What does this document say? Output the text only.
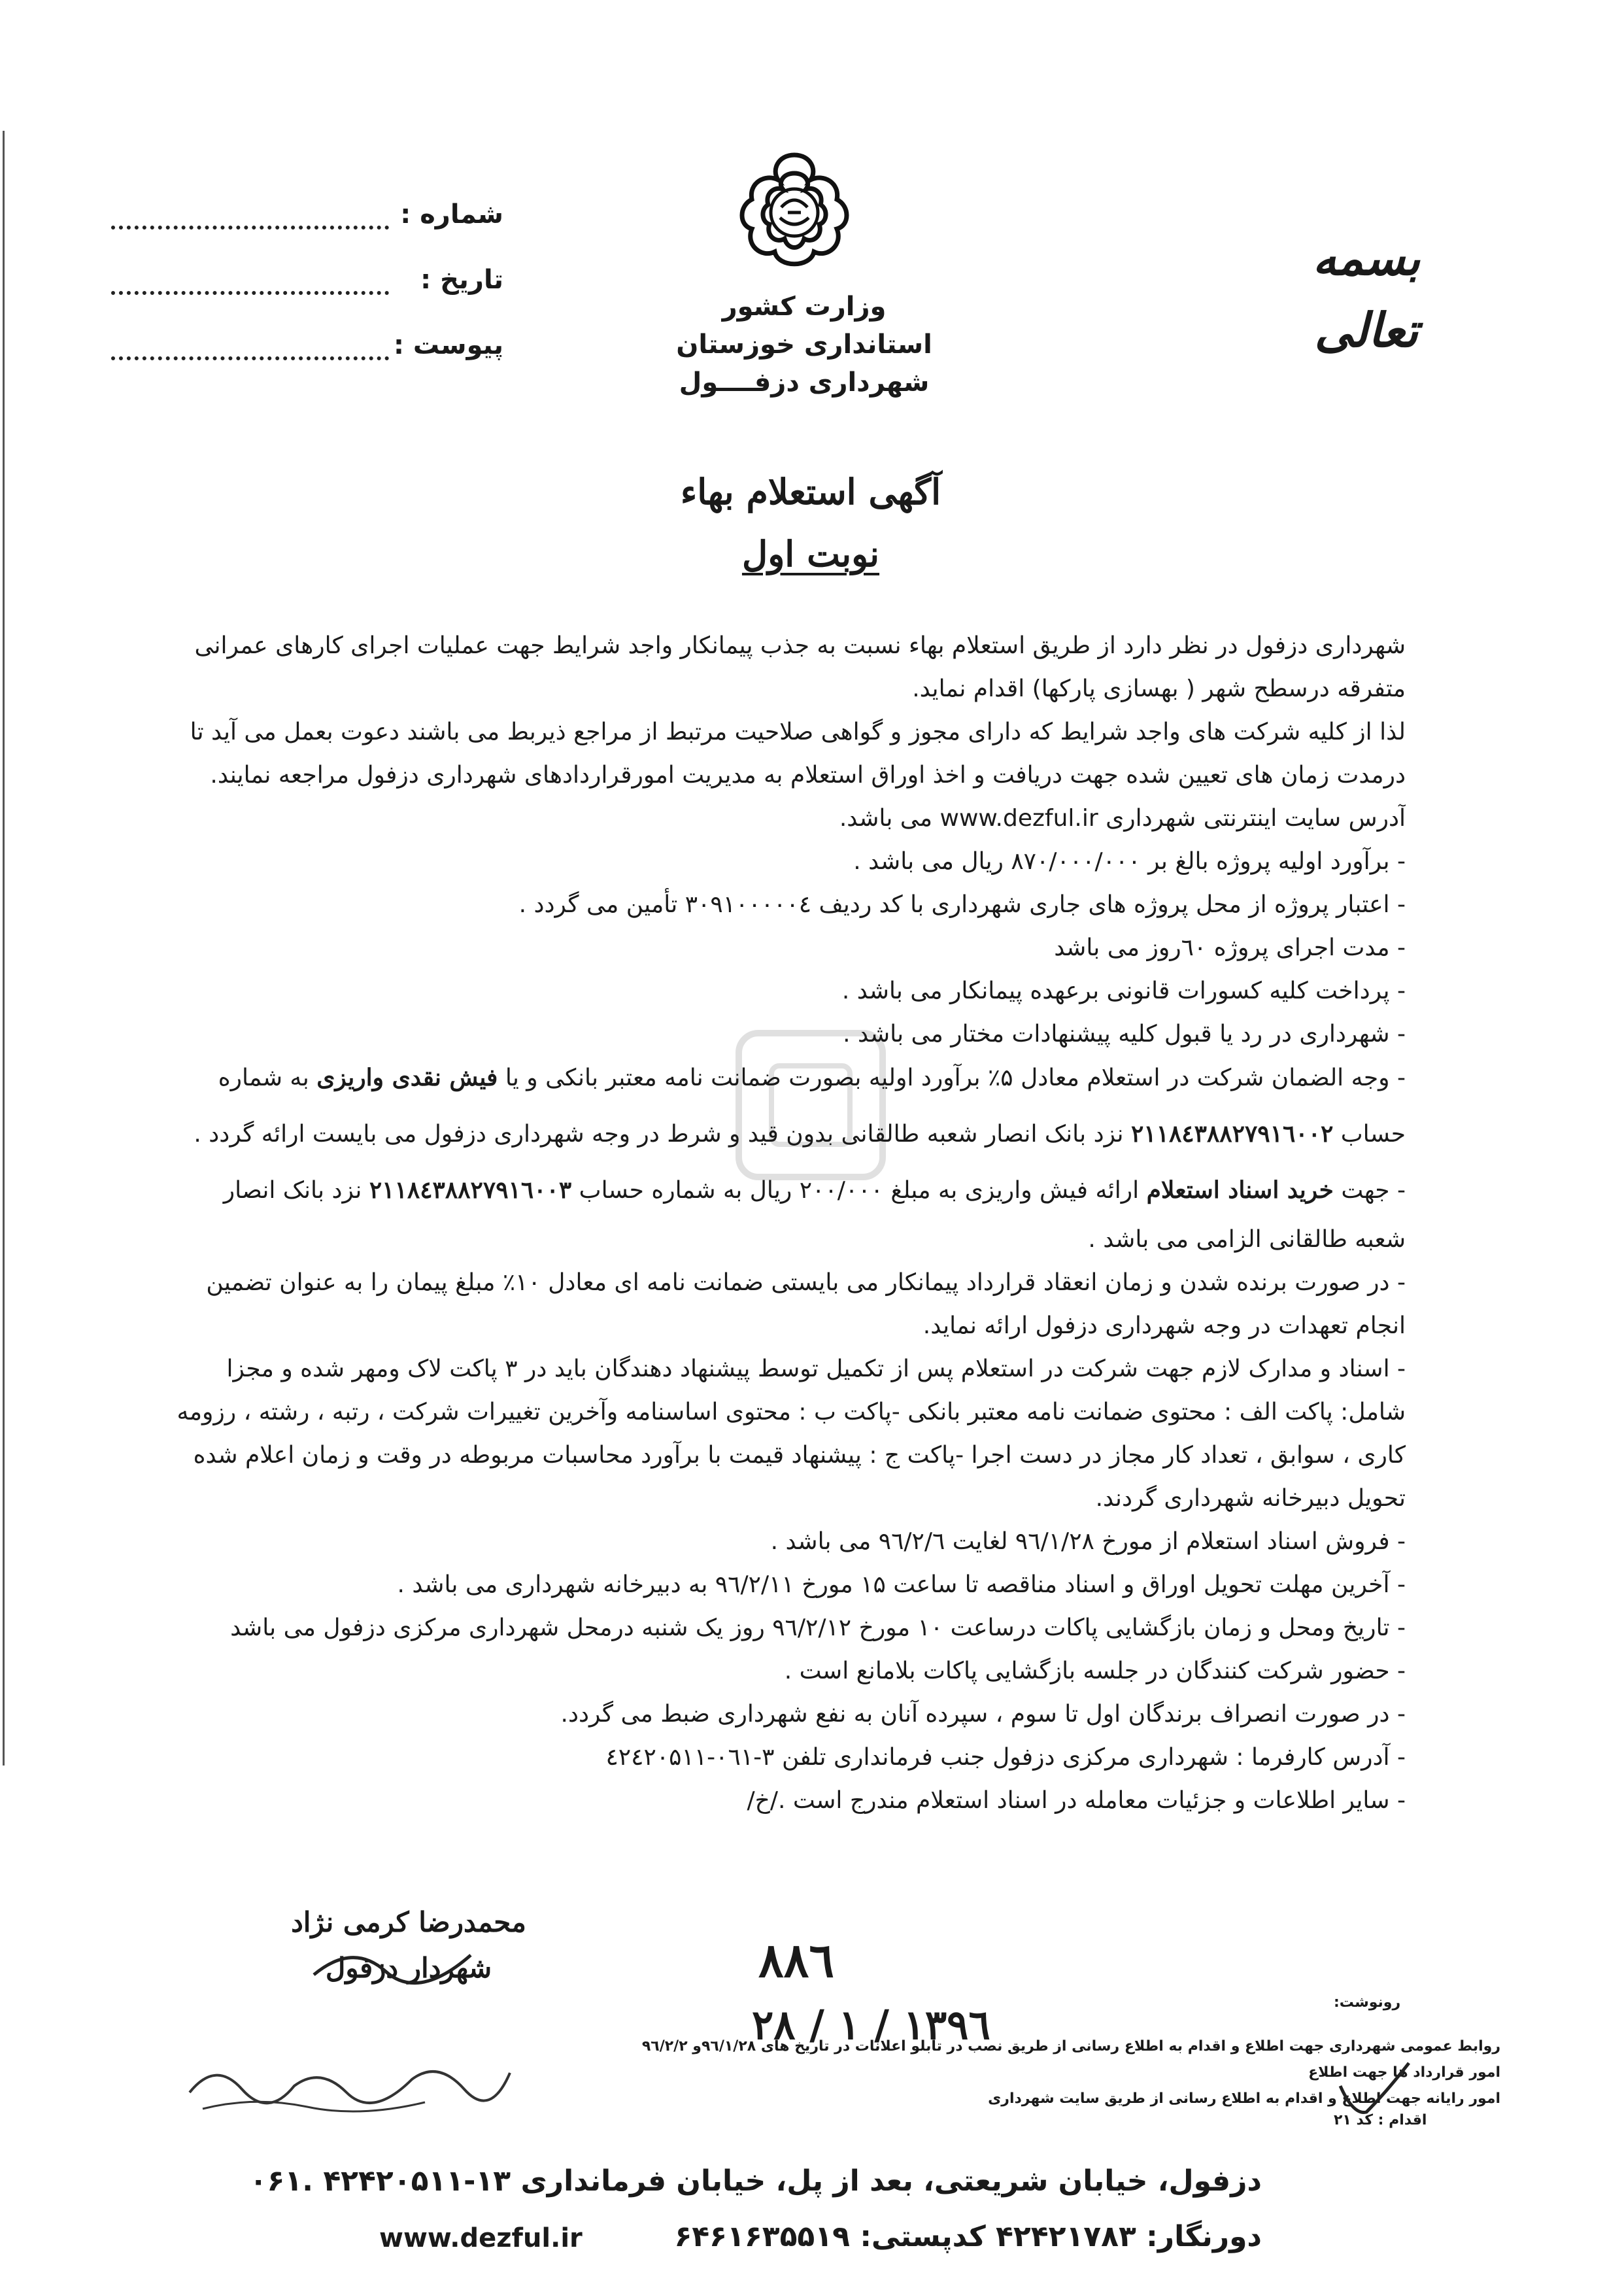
بسمه تعالی
وزارت کشور
استانداری خوزستان
شهرداری دزفــــول
شماره :
تاریخ :
پیوست :
آگهی استعلام بهاء
نوبت اول
شهرداری دزفول در نظر دارد از طریق استعلام بهاء نسبت به جذب پیمانکار واجد شرایط جهت عملیات اجرای کارهای عمرانی
متفرقه درسطح شهر ( بهسازی پارکها) اقدام نماید.
لذا از کلیه شرکت های واجد شرایط که دارای مجوز و گواهی صلاحیت مرتبط از مراجع ذیربط می باشند دعوت بعمل می آید تا
درمدت زمان های تعیین شده جهت دریافت و اخذ اوراق استعلام به مدیریت امورقراردادهای شهرداری دزفول مراجعه نمایند.
آدرس سایت اینترنتی شهرداری www.dezful.ir می باشد.
- برآورد اولیه پروژه بالغ بر ۸۷۰/۰۰۰/۰۰۰ ریال می باشد .
- اعتبار پروژه از محل پروژه های جاری شهرداری با کد ردیف ۳۰۹۱۰۰۰۰۰٤ تأمین می گردد .
- مدت اجرای پروژه ٦۰روز می باشد
- پرداخت کلیه کسورات قانونی برعهده پیمانکار می باشد .
- شهرداری در رد یا قبول کلیه پیشنهادات مختار می باشد .
- وجه الضمان شرکت در استعلام معادل ۵٪ برآورد اولیه بصورت ضمانت نامه معتبر بانکی و یا فیش نقدی واریزی به شماره
حساب ۲۱۱۸٤۳۸۸۲۷۹۱٦۰۰۲ نزد بانک انصار شعبه طالقانی بدون قید و شرط در وجه شهرداری دزفول می بایست ارائه گردد .
- جهت خرید اسناد استعلام ارائه فیش واریزی به مبلغ ۲۰۰/۰۰۰ ریال به شماره حساب ۲۱۱۸٤۳۸۸۲۷۹۱٦۰۰۳ نزد بانک انصار
شعبه طالقانی الزامی می باشد .
- در صورت برنده شدن و زمان انعقاد قرارداد پیمانکار می بایستی ضمانت نامه ای معادل ۱۰٪ مبلغ پیمان را به عنوان تضمین
انجام تعهدات در وجه شهرداری دزفول ارائه نماید.
- اسناد و مدارک لازم جهت شرکت در استعلام پس از تکمیل توسط پیشنهاد دهندگان باید در ۳ پاکت لاک ومهر شده و مجزا
شامل: پاکت الف : محتوی ضمانت نامه معتبر بانکی -پاکت ب : محتوی اساسنامه وآخرین تغییرات شرکت ، رتبه ، رشته ، رزومه
کاری ، سوابق ، تعداد کار مجاز در دست اجرا -پاکت ج : پیشنهاد قیمت با برآورد محاسبات مربوطه در وقت و زمان اعلام شده
تحویل دبیرخانه شهرداری گردند.
- فروش اسناد استعلام از مورخ ۹٦/۱/۲۸ لغایت ۹٦/۲/٦ می باشد .
- آخرین مهلت تحویل اوراق و اسناد مناقصه تا ساعت ۱۵ مورخ ۹٦/۲/۱۱ به دبیرخانه شهرداری می باشد .
- تاریخ ومحل و زمان بازگشایی پاکات درساعت ۱۰ مورخ ۹٦/۲/۱۲ روز یک شنبه درمحل شهرداری مرکزی دزفول می باشد
- حضور شرکت کنندگان در جلسه بازگشایی پاکات بلامانع است .
- در صورت انصراف برندگان اول تا سوم ، سپرده آنان به نفع شهرداری ضبط می گردد.
- آدرس کارفرما : شهرداری مرکزی دزفول جنب فرمانداری تلفن ۳-۰٦۱-٤۲٤۲۰۵۱۱
- سایر اطلاعات و جزئیات معامله در اسناد استعلام مندرج است ./خ/
محمدرضا کرمی نژاد
شهردار دزفول	۸۸٦
۱۳۹٦ / ۱ / ۲۸	رونوشت:
روابط عمومی شهرداری جهت اطلاع و اقدام به اطلاع رسانی از طریق نصب در تابلو اعلانات در تاریخ های ۹٦/۱/۲۸و ۹٦/۲/۲
امور قرارداد ها جهت اطلاع
امور رایانه جهت اطلاع و اقدام به اطلاع رسانی از طریق سایت شهرداری
اقدام : کد ۲۱
دزفول، خیابان شریعتی، بعد از پل، خیابان فرمانداری ۱۳-۴۲۴۲۰۵۱۱ .۰۶۱
دورنگار: ۴۲۴۲۱۷۸۳ کدپستی: ۶۴۶۱۶۳۵۵۱۹
www.dezful.ir
